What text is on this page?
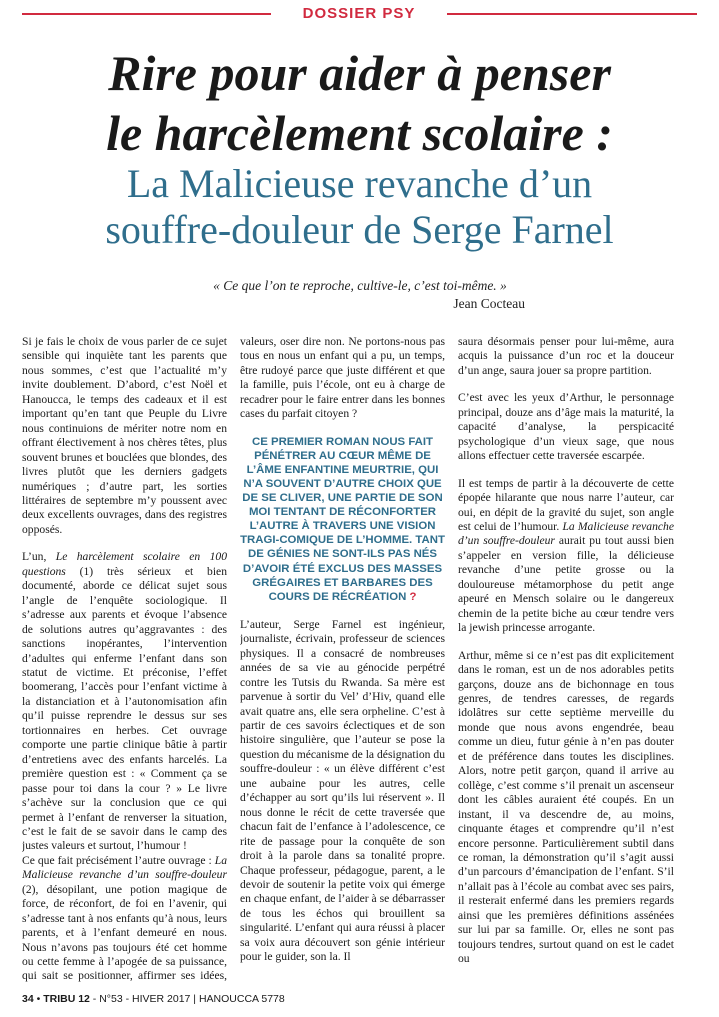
DOSSIER PSY
Rire pour aider à penser
le harcèlement scolaire :
La Malicieuse revanche d’un
souffre-douleur de Serge Farnel
« Ce que l’on te reproche, cultive-le, c’est toi-même. »
Jean Cocteau

Si je fais le choix de vous parler de ce sujet sensible qui inquiète tant les parents que nous sommes, c’est que l’actualité m’y invite doublement. D’abord, c’est Noël et Hanoucca, le temps des cadeaux et il est important qu’en tant que Peuple du Livre nous continuions de mériter notre nom en offrant électivement à nos chères têtes, plus souvent brunes et bouclées que blondes, des livres plutôt que les derniers gadgets numériques ; d’autre part, les sorties littéraires de septembre m’y poussent avec deux excellents ouvrages, dans des registres opposés.

L’un, Le harcèlement scolaire en 100 questions (1) très sérieux et bien documenté, aborde ce délicat sujet sous l’angle de l’enquête sociologique. Il s’adresse aux parents et évoque l’absence de solutions autres qu’aggravantes : des sanctions inopérantes, l’intervention d’adultes qui enferme l’enfant dans son statut de victime. Et préconise, l’effet boomerang, l’accès pour l’enfant victime à la distanciation et à l’autonomisation afin qu’il puisse reprendre le dessus sur ses tortionnaires en herbes. Cet ouvrage comporte une partie clinique bâtie à partir d’entretiens avec des enfants harcelés. La première question est : « Comment ça se passe pour toi dans la cour ? » Le livre s’achève sur la conclusion que ce qui permet à l’enfant de renverser la situation, c’est le fait de se savoir dans le camp des justes valeurs et surtout, l’humour !

Ce que fait précisément l’autre ouvrage : La Malicieuse revanche d’un souffre-douleur (2), désopilant, une potion magique de force, de réconfort, de foi en l’avenir, qui s’adresse tant à nos enfants qu’à nous, leurs parents, et à l’enfant demeuré en nous. Nous n’avons pas toujours été cet homme ou cette femme à l’apogée de sa puissance, qui sait se positionner, affirmer ses idées,

valeurs, oser dire non. Ne portons-nous pas tous en nous un enfant qui a pu, un temps, être rudoyé parce que juste différent et que la famille, puis l’école, ont eu à charge de recadrer pour le faire entrer dans les bonnes cases du parfait citoyen ?

CE PREMIER ROMAN NOUS FAIT PÉNÉTRER AU CŒUR MÊME DE L’ÂME ENFANTINE MEURTRIE, QUI N’A SOUVENT D’AUTRE CHOIX QUE DE SE CLIVER, UNE PARTIE DE SON MOI TENTANT DE RÉCONFORTER L’AUTRE À TRAVERS UNE VISION TRAGI-COMIQUE DE L’HOMME. TANT DE GÉNIES NE SONT-ILS PAS NÉS D’AVOIR ÉTÉ EXCLUS DES MASSES GRÉGAIRES ET BARBARES DES COURS DE RÉCRÉATION ?

L’auteur, Serge Farnel est ingénieur, journaliste, écrivain, professeur de sciences physiques. Il a consacré de nombreuses années de sa vie au génocide perpétré contre les Tutsis du Rwanda. Sa mère est parvenue à sortir du Vel’ d’Hiv, quand elle avait quatre ans, elle sera orpheline. C’est à partir de ces savoirs éclectiques et de son histoire singulière, que l’auteur se pose la question du mécanisme de la désignation du souffre-douleur : « un élève différent c’est une aubaine pour les autres, celle d’échapper au sort qu’ils lui réservent ». Il nous donne le récit de cette traversée que chacun fait de l’enfance à l’adolescence, ce rite de passage pour la conquête de son droit à la parole dans sa tonalité propre. Chaque professeur, pédagogue, parent, a le devoir de soutenir la petite voix qui émerge en chaque enfant, de l’aider à se débarrasser de tous les échos qui brouillent sa singularité. L’enfant qui aura réussi à placer sa voix aura découvert son génie intérieur pour le guider, son la. Il

saura désormais penser pour lui-même, aura acquis la puissance d’un roc et la douceur d’un ange, saura jouer sa propre partition.

C’est avec les yeux d’Arthur, le personnage principal, douze ans d’âge mais la maturité, la capacité d’analyse, la perspicacité psychologique d’un vieux sage, que nous allons effectuer cette traversée escarpée.

Il est temps de partir à la découverte de cette épopée hilarante que nous narre l’auteur, car oui, en dépit de la gravité du sujet, son angle est celui de l’humour. La Malicieuse revanche d’un souffre-douleur aurait pu tout aussi bien s’appeler en version fille, la délicieuse revanche d’une petite grosse ou la douloureuse métamorphose du petit ange apeuré en Mensch solaire ou le dangereux chemin de la petite biche au cœur tendre vers la jewish princesse arrogante.

Arthur, même si ce n’est pas dit explicitement dans le roman, est un de nos adorables petits garçons, douze ans de bichonnage en tous genres, de tendres caresses, de regards idolâtres sur cette septième merveille du monde que nous avons engendrée, beau comme un dieu, futur génie à n’en pas douter et de préférence dans toutes les disciplines. Alors, notre petit garçon, quand il arrive au collège, c’est comme s’il prenait un ascenseur dont les câbles auraient été coupés. En un instant, il va descendre de, au moins, cinquante étages et comprendre qu’il n’est encore personne. Particulièrement subtil dans ce roman, la démonstration qu’il s’agit aussi d’un parcours d’émancipation de l’enfant. S’il n’allait pas à l’école au combat avec ses pairs, il resterait enfermé dans les premiers regards ainsi que les premières définitions assénées sur lui par sa famille. Or, elles ne sont pas toujours tendres, surtout quand on est le cadet ou

34 • TRIBU 12 - N°53 - HIVER 2017 | HANOUCCA 5778
